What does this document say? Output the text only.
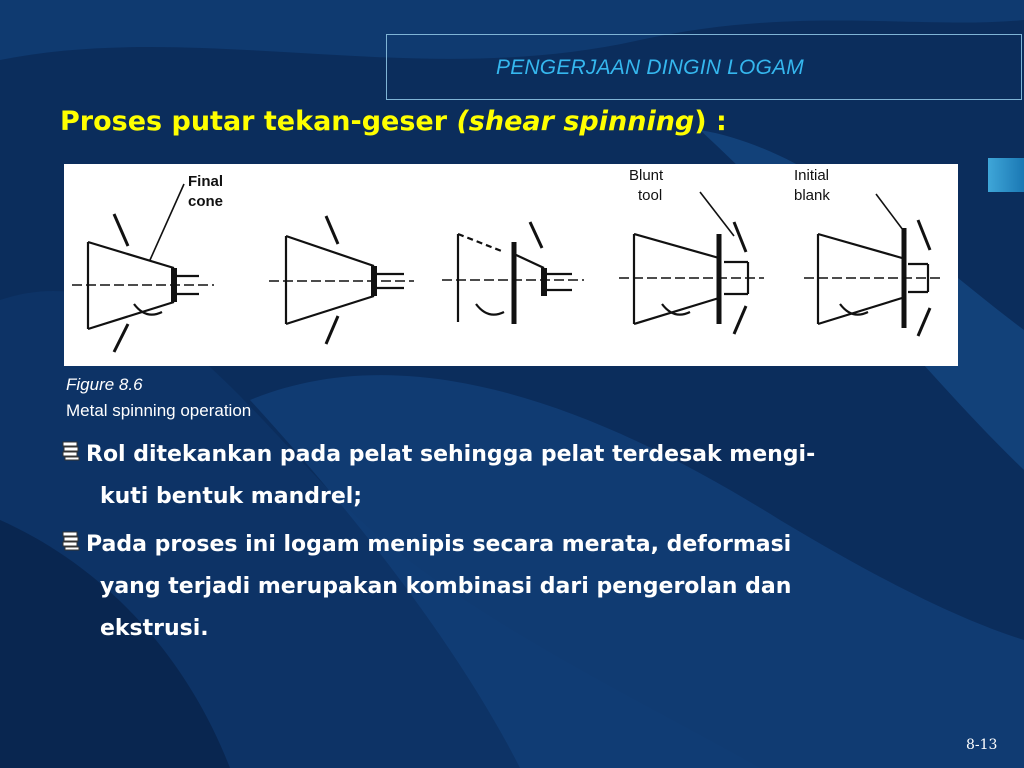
PENGERJAAN DINGIN LOGAM
Proses putar tekan-geser (shear spinning) :
Final
cone
Blunt
tool
Initial
blank
Figure 8.6
Metal spinning operation
Rol ditekankan pada pelat sehingga pelat terdesak mengi-
kuti bentuk mandrel;
Pada proses ini logam menipis secara merata, deformasi
yang terjadi merupakan kombinasi dari pengerolan dan
ekstrusi.
8-13
